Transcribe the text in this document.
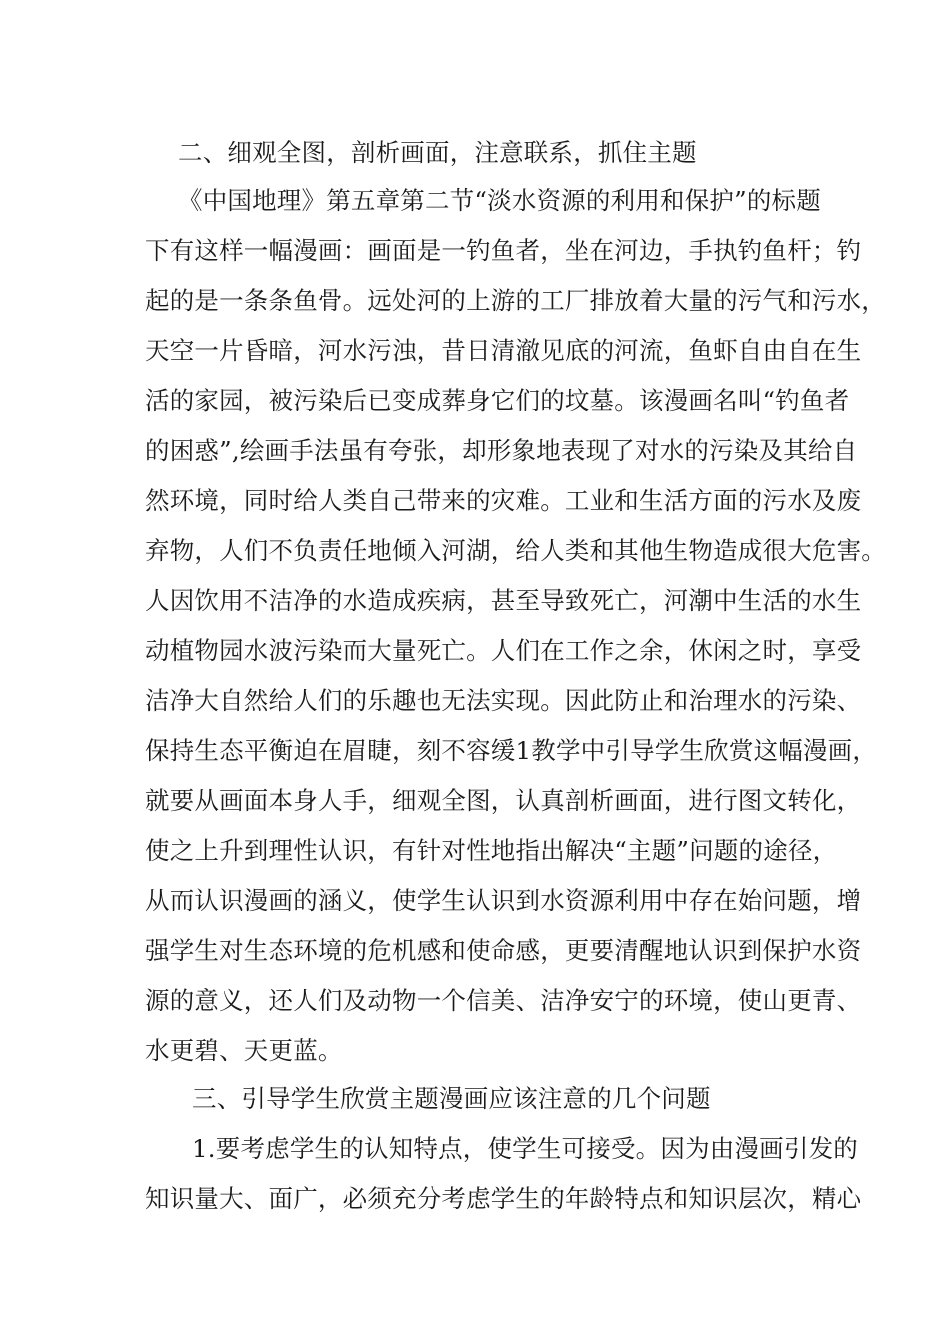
二、细观全图，剖析画面，注意联系，抓住主题
《中国地理》第五章第二节“淡水资源的利用和保护”的标题
下有这样一幅漫画：画面是一钓鱼者，坐在河边，手执钓鱼杆；钓
起的是一条条鱼骨。远处河的上游的工厂排放着大量的污气和污水，
天空一片昏暗，河水污浊，昔日清澈见底的河流，鱼虾自由自在生
活的家园，被污染后已变成葬身它们的坟墓。该漫画名叫“钓鱼者
的困惑”,绘画手法虽有夸张，却形象地表现了对水的污染及其给自
然环境，同时给人类自己带来的灾难。工业和生活方面的污水及废
弃物，人们不负责任地倾入河湖，给人类和其他生物造成很大危害。
人因饮用不洁净的水造成疾病，甚至导致死亡，河潮中生活的水生
动植物园水波污染而大量死亡。人们在工作之余，休闲之时，享受
洁净大自然给人们的乐趣也无法实现。因此防止和治理水的污染、
保持生态平衡迫在眉睫，刻不容缓1教学中引导学生欣赏这幅漫画，
就要从画面本身人手，细观全图，认真剖析画面，进行图文转化，
使之上升到理性认识，有针对性地指出解决“主题”问题的途径，
从而认识漫画的涵义，使学生认识到水资源利用中存在始问题，增
强学生对生态环境的危机感和使命感，更要清醒地认识到保护水资
源的意义，还人们及动物一个信美、洁净安宁的环境，使山更青、
水更碧、天更蓝。
三、引导学生欣赏主题漫画应该注意的几个问题
1.要考虑学生的认知特点，使学生可接受。因为由漫画引发的
知识量大、面广，必须充分考虑学生的年龄特点和知识层次，精心
